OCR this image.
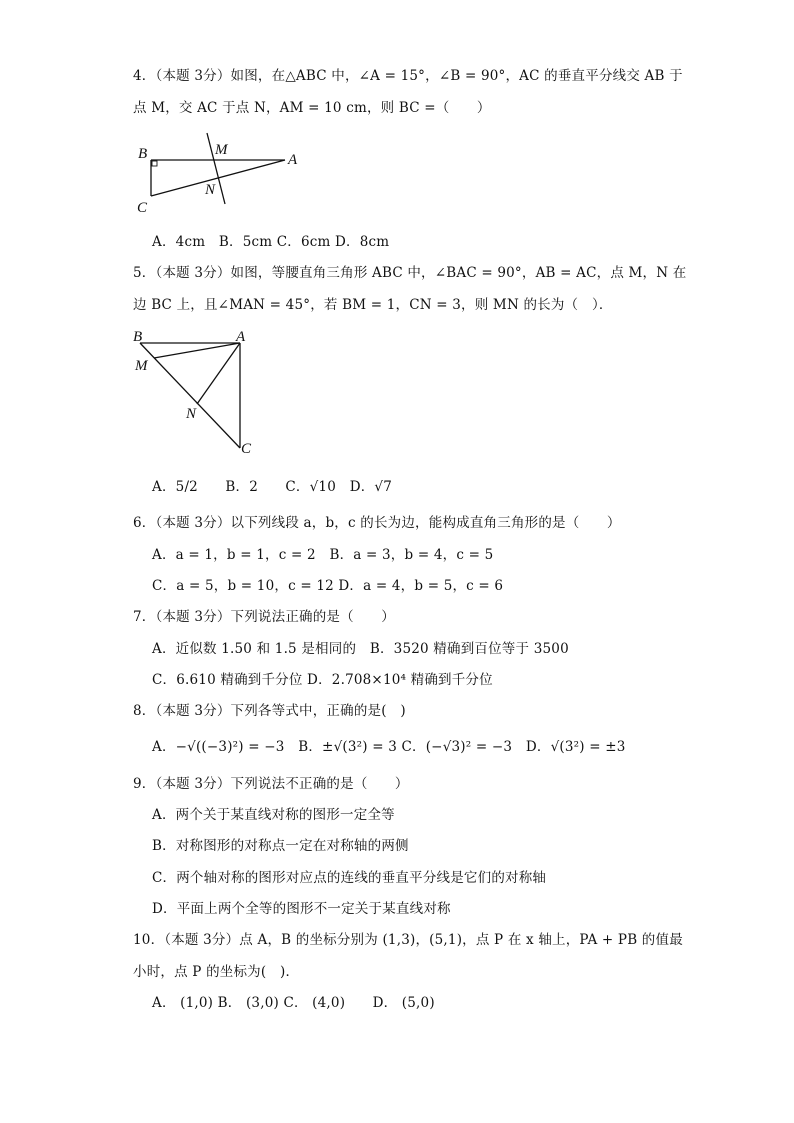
4．（本题 3分）如图，在△ABC 中，∠A = 15°，∠B = 90°，AC 的垂直平分线交 AB 于
点 M，交 AC 于点 N，AM = 10 cm，则 BC =（　　）
B	M
A
N
C
A．4cm　B．5cm C．6cm D．8cm
5．（本题 3分）如图，等腰直角三角形 ABC 中，∠BAC = 90°，AB = AC，点 M，N 在
边 BC 上，且∠MAN = 45°，若 BM = 1，CN = 3，则 MN 的长为（　）．
B	A
M
N
C
A．5/2　　B．2　　C．√10　D．√7
6．（本题 3分）以下列线段 a，b，c 的长为边，能构成直角三角形的是（　　）
A．a = 1，b = 1，c = 2　B．a = 3，b = 4，c = 5
C．a = 5，b = 10，c = 12 D．a = 4，b = 5，c = 6
7．（本题 3分）下列说法正确的是（　　）
A．近似数 1.50 和 1.5 是相同的　B．3520 精确到百位等于 3500
C．6.610 精确到千分位 D．2.708×10⁴ 精确到千分位
8．（本题 3分）下列各等式中，正确的是(　)
A．−√((−3)²) = −3　B．±√(3²) = 3 C．(−√3)² = −3　D．√(3²) = ±3
9．（本题 3分）下列说法不正确的是（　　）
A．两个关于某直线对称的图形一定全等
B．对称图形的对称点一定在对称轴的两侧
C．两个轴对称的图形对应点的连线的垂直平分线是它们的对称轴
D．平面上两个全等的图形不一定关于某直线对称
10．（本题 3分）点 A，B 的坐标分别为 (1,3)，(5,1)，点 P 在 x 轴上，PA + PB 的值最
小时，点 P 的坐标为(　)．
A． (1,0) B． (3,0) C． (4,0)　　D． (5,0)
